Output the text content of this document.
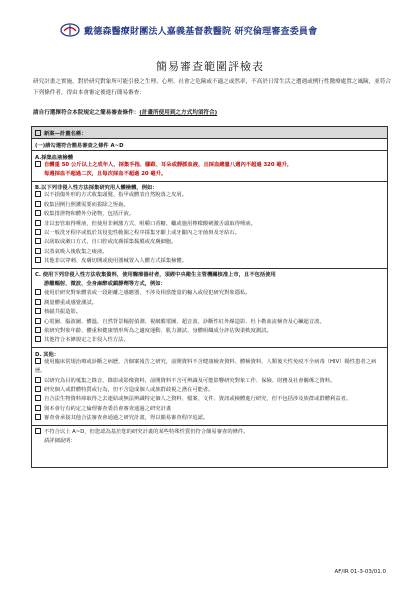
戴德森醫療財團法人嘉義基督教醫院 研究倫理審查委員會
簡易審查範圍評檢表
研究計畫之實施，對於研究對象所可能引發之生理、心理、社會之危險或不適之或然率，不高於日常生活之遭遇或例行性醫療處置之風險，並符合下列條件者，得由本會審定後進行簡易審查：
請自行選擇符合本院規定之簡易審查條件：(計畫所使用到之方式均須符合)
新案—計畫名稱：
(一)請勾選符合簡易審查之條件 A~D

A.採集血液檢體
自體重 50 公斤以上之成年人，採集手指、腳跟、耳朵或靜脈血液，且採血總量八週內不超過 320 毫升，
每週採血不超過二次，且每次採血不超過 20 毫升。

B.以下列非侵入性方法採集研究用人體檢體，例如：
以不損傷外形的方式收集頭髮、指甲或體表自然脫落之皮屑。
收集因例行照護需要而拔除之恆齒。
收集排泄物和體外分泌物，包括汗液。
非以套管取得唾液，但使用非刺激方式、咀嚼口香糖、蠟或施用檸檬酸刺激舌頭取得唾液。
以一般洗牙程序或低於其侵犯性範圍之程序採集牙齦上或牙齦內之牙菌斑及牙結石。
以刮取或漱口方式，自口腔或皮膚採集黏膜或皮膚細胞。
以蒸氣吸入後收集之痰液。
其他非以穿刺、皮膚切開或使用器械置入人體方式採集檢體。

C. 使用下列非侵入性方法收集資料，使用醫療器材者，須經中央衛生主管機關核准上市，且不包括使用
游離輻射、微波、全身麻醉或鎮靜劑等方式，例如：
使用於研究對象體表或一段距離之感應器，不涉及相當能量的輸入或侵犯研究對象隱私。
測量體重或感覺測試。
核磁共振造影。
心電圖、腦波圖、體溫、自然背景輻射偵測、視網膜電圖、超音波、診斷性紅外線造影、杜卜勒血流檢查及心臟超音波。
依研究對象年齡、體重和健康情形所為之適度運動、肌力測試、身體組織成分評估與柔軟度測試。
其他符合本條規定之非侵入性方法。

D. 其他：
使用臨床常規治療或診斷之病歷，含個案報告之研究，前開資料不含健康檢查資料、體檢資料、人類後天性免疫不全病毒（HIV）陽性患者之病歷。
以研究為目的蒐集之錄音、錄影或影像資料，前開資料不含可辨識及可能影響研究對象工作、保險、財務及社會關係之資料。
研究個人或群體特質或行為，但不含造成個人或族群歧視之潛在可能者。
自合法生物資料庫取得之去連結或無法辨識特定個人之資料、檔案、文件、資訊或檢體進行研究，但不包括涉及族群或群體利益者。
與本會行有約定之倫理審查委員會審查通過之研究計畫
審查會承接其他合法審查會通過之研究計畫，得以簡易審查程序追認。

不符合以上 A~D，但您認為基於您的研究計畫的某些特殊性質仍符合簡易審查的條件。
請詳細說明：
AF/IR 01-3-03/01.0
